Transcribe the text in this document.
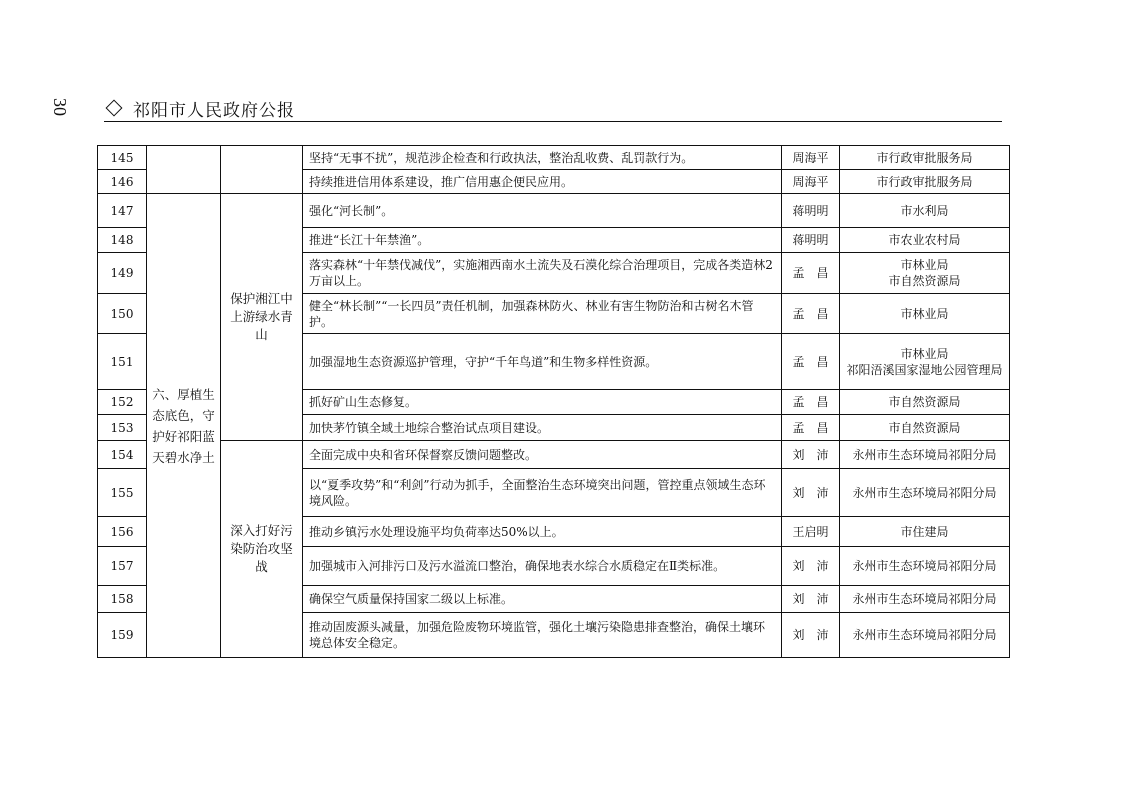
30	祁阳市人民政府公报
145			坚持“无事不扰”，规范涉企检查和行政执法，整治乱收费、乱罚款行为。	周海平	市行政审批服务局
146			持续推进信用体系建设，推广信用惠企便民应用。	周海平	市行政审批服务局
147	六、厚植生态底色，守护好祁阳蓝天碧水净土	保护湘江中上游绿水青山	强化“河长制”。	蒋明明	市水利局
148			推进“长江十年禁渔”。	蒋明明	市农业农村局
149			落实森林“十年禁伐减伐”，实施湘西南水土流失及石漠化综合治理项目，完成各类造林2万亩以上。	孟　昌	市林业局
市自然资源局
150			健全“林长制”“一长四员”责任机制，加强森林防火、林业有害生物防治和古树名木管护。	孟　昌	市林业局
151			加强湿地生态资源巡护管理，守护“千年鸟道”和生物多样性资源。	孟　昌	市林业局
祁阳浯溪国家湿地公园管理局
152			抓好矿山生态修复。	孟　昌	市自然资源局
153			加快茅竹镇全域土地综合整治试点项目建设。	孟　昌	市自然资源局
154		深入打好污染防治攻坚战	全面完成中央和省环保督察反馈问题整改。	刘　沛	永州市生态环境局祁阳分局
155			以“夏季攻势”和“利剑”行动为抓手，全面整治生态环境突出问题，管控重点领域生态环境风险。	刘　沛	永州市生态环境局祁阳分局
156			推动乡镇污水处理设施平均负荷率达50%以上。	王启明	市住建局
157			加强城市入河排污口及污水溢流口整治，确保地表水综合水质稳定在Ⅱ类标准。	刘　沛	永州市生态环境局祁阳分局
158			确保空气质量保持国家二级以上标准。	刘　沛	永州市生态环境局祁阳分局
159			推动固废源头减量，加强危险废物环境监管，强化土壤污染隐患排查整治，确保土壤环境总体安全稳定。	刘　沛	永州市生态环境局祁阳分局
